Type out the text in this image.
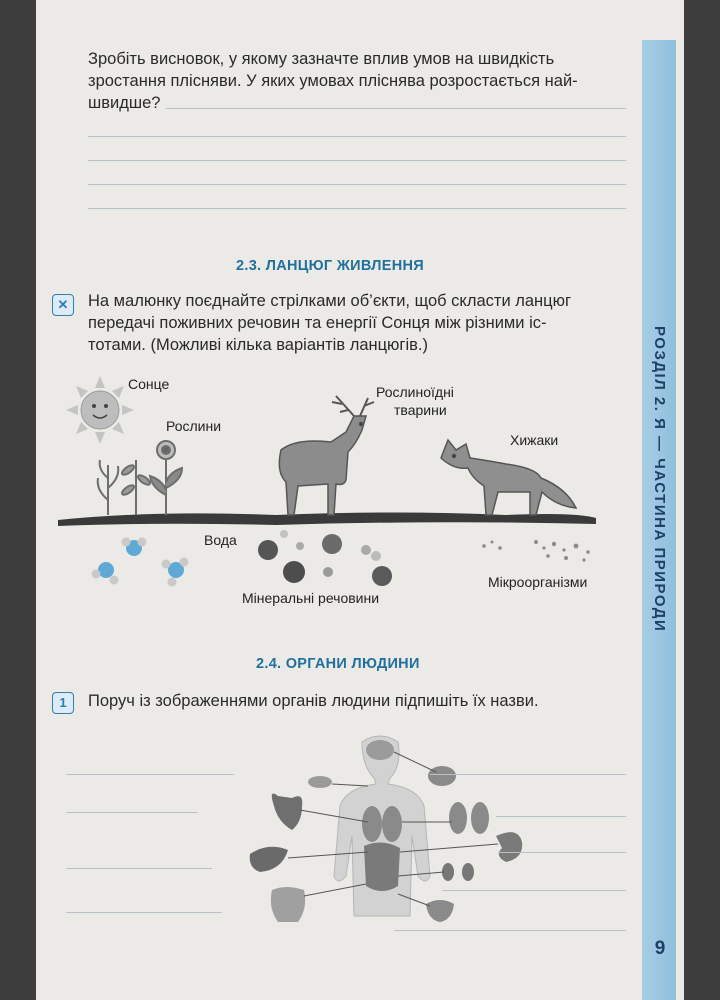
Зробіть висновок, у якому зазначте вплив умов на швидкість
зростання плісняви. У яких умовах пліснява розростається най-
швидше?
2.3. ЛАНЦЮГ ЖИВЛЕННЯ
✕	На малюнку поєднайте стрілками об’єкти, щоб скласти ланцюг
передачі поживних речовин та енергії Сонця між різними іс-
тотами. (Можливі кілька варіантів ланцюгів.)
Сонце
Рослини
Рослиноїдні
тварини
Хижаки
Вода
Мінеральні речовини
Мікроорганізми
2.4. ОРГАНИ ЛЮДИНИ
1	Поруч із зображеннями органів людини підпишіть їх назви.
РОЗДІЛ 2. Я — ЧАСТИНА ПРИРОДИ
9
